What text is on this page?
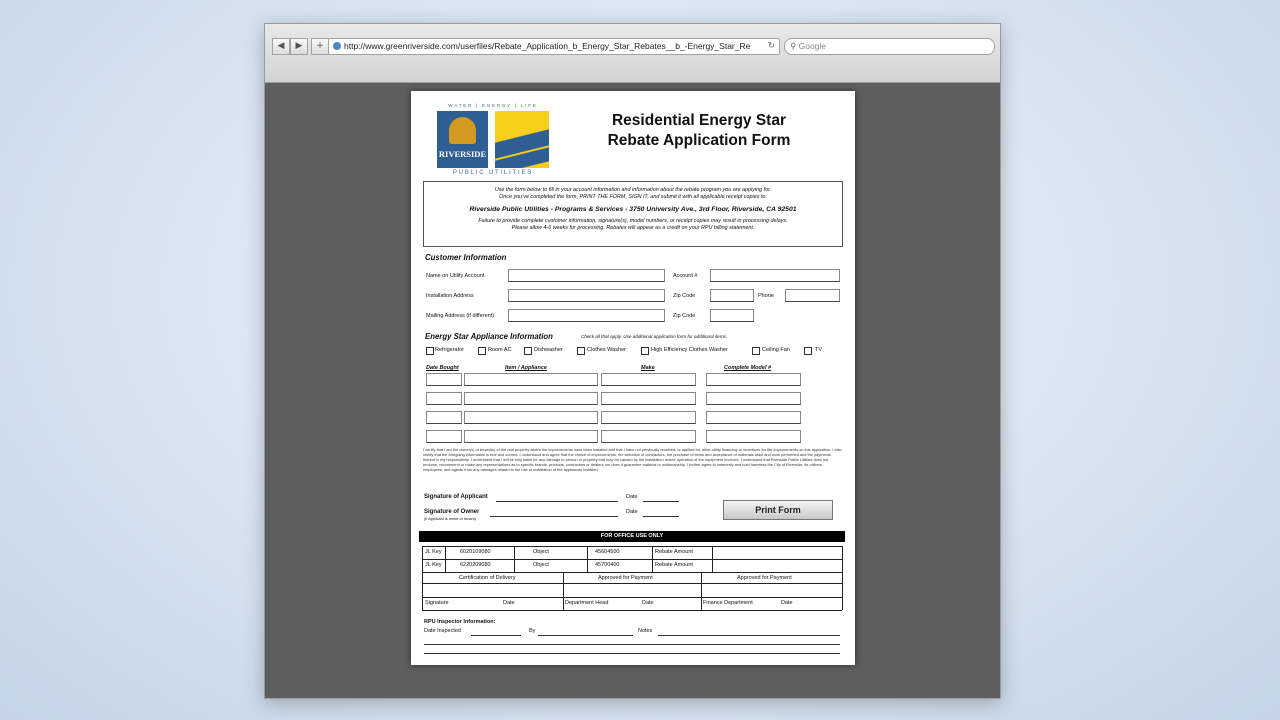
◀	▶	+	http://www.greenriverside.com/userfiles/Rebate_Application_b_Energy_Star_Rebates__b_-Energy_Star_Re ↻	⚲ Google
WATER | ENERGY | LIFE
RIVERSIDE
PUBLIC UTILITIES
Residential Energy Star
Rebate Application Form
Use the form below to fill in your account information and information about the rebate program you are applying for.
Once you've completed the form, PRINT THE FORM, SIGN IT, and submit it with all applicable receipt copies to:
Riverside Public Utilities - Programs & Services - 3750 University Ave., 3rd Floor, Riverside, CA 92501
Failure to provide complete customer information, signature(s), model numbers, or receipt copies may result in processing delays.
Please allow 4-6 weeks for processing. Rebates will appear as a credit on your RPU billing statement.
Customer Information
Name on Utility Account	Account #
Installation Address	Zip Code	Phone
Mailing Address (if different)	Zip Code
Energy Star Appliance Information	Check all that apply. Use additional application form for additional items.
Refrigerator	Room AC	Dishwasher	Clothes Washer	High Efficiency Clothes Washer	Ceiling Fan	TV
Date Bought	Item / Appliance	Make	Complete Model #
I certify that I am the owner(s) or tenant(s) of the real property where the improvements have been installed and that I have not previously received, or applied for, other utility financing or incentives for the improvements on this application. I also certify that the foregoing information is true and correct. I understand and agree that the choice of improvements, the selection of contractors, the purchase of items and acceptance of materials used and work performed and the payments thereof is my responsibility. I understand that I will be fully liable for any damage to person or property that may be caused by the installation and/or operation of the equipment involved. I understand that Riverside Public Utilities does not endorse, recommend or make any representations as to specific brands, products, contractors or dealers nor does it guarantee material or workmanship. I further agree to indemnify and hold harmless the City of Riverside, its officers, employees, and agents from any damages related to the use or installation of the appliances installed.
Signature of Applicant	Date
Signature of Owner
(If Applicant is renter or tenant)
Date	Print Form
FOR OFFICE USE ONLY
JL Key	6020109080	Object	45604500	Rebate Amount
JL Key	6220209080	Object	45700400	Rebate Amount
Certification of Delivery	Approved for Payment	Approved for Payment
Signature	Date	Department Head	Date	Finance Department	Date
RPU Inspector Information:
Date Inspected	By	Notes
